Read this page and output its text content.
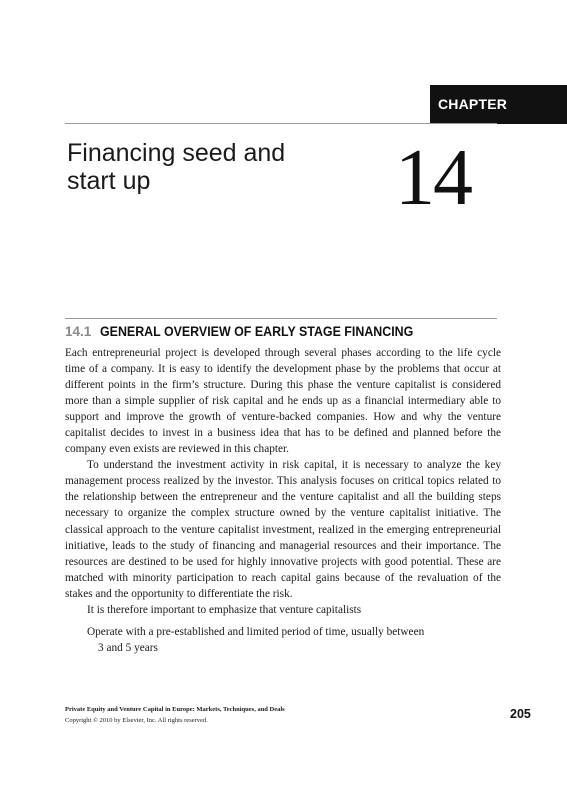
CHAPTER
Financing seed and start up	14
14.1 GENERAL OVERVIEW OF EARLY STAGE FINANCING

Each entrepreneurial project is developed through several phases according to the life cycle time of a company. It is easy to identify the development phase by the problems that occur at different points in the firm’s structure. During this phase the venture capitalist is considered more than a simple supplier of risk capital and he ends up as a financial intermediary able to support and improve the growth of venture-backed companies. How and why the venture capitalist decides to invest in a business idea that has to be defined and planned before the company even exists are reviewed in this chapter.

To understand the investment activity in risk capital, it is necessary to analyze the key management process realized by the investor. This analysis focuses on critical topics related to the relationship between the entrepreneur and the venture capitalist and all the building steps necessary to organize the complex structure owned by the venture capitalist initiative. The classical approach to the venture capitalist investment, realized in the emerging entrepreneurial initiative, leads to the study of financing and managerial resources and their importance. The resources are destined to be used for highly innovative projects with good potential. These are matched with minority participation to reach capital gains because of the revaluation of the stakes and the opportunity to differentiate the risk.

It is therefore important to emphasize that venture capitalists

Operate with a pre-established and limited period of time, usually between
3 and 5 years

Private Equity and Venture Capital in Europe: Markets, Techniques, and Deals
Copyright © 2010 by Elsevier, Inc. All rights reserved.	205
